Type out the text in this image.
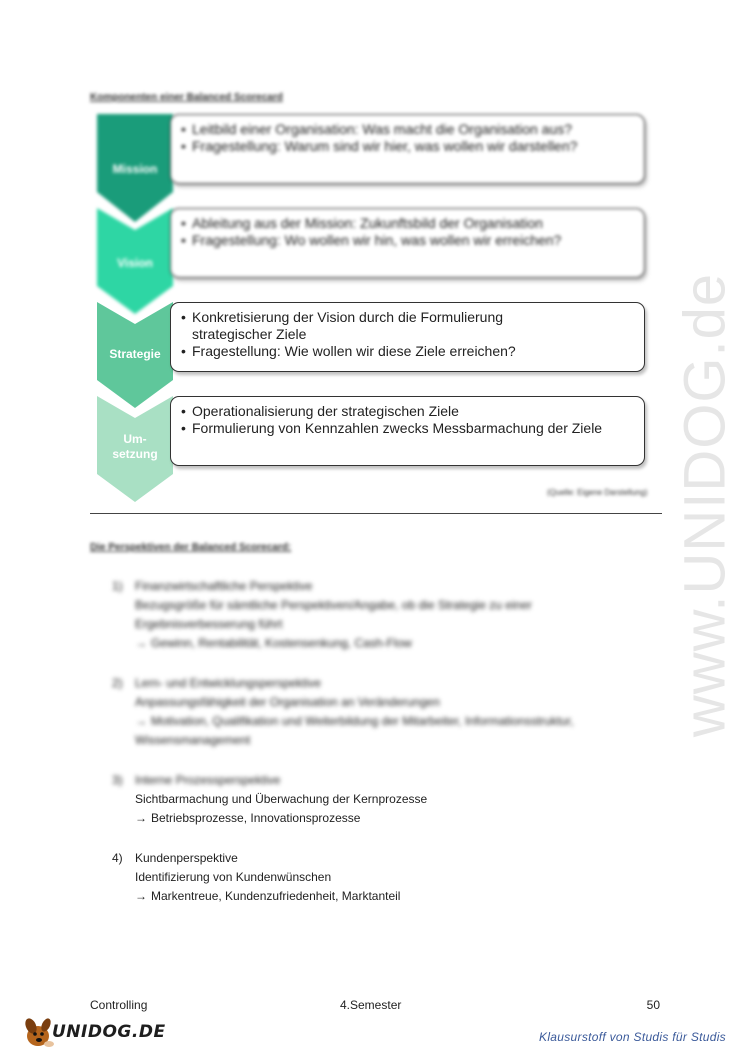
www.UNIDOG.de
Komponenten einer Balanced Scorecard
Mission
• Leitbild einer Organisation: Was macht die Organisation aus?
• Fragestellung: Warum sind wir hier, was wollen wir darstellen?
Vision
• Ableitung aus der Mission: Zukunftsbild der Organisation
• Fragestellung: Wo wollen wir hin, was wollen wir erreichen?
Strategie
• Konkretisierung der Vision durch die Formulierung strategischer Ziele
• Fragestellung: Wie wollen wir diese Ziele erreichen?
Um-
setzung
• Operationalisierung der strategischen Ziele
• Formulierung von Kennzahlen zwecks Messbarmachung der Ziele
(Quelle: Eigene Darstellung)
Die Perspektiven der Balanced Scorecard:
1) Finanzwirtschaftliche Perspektive
Bezugsgröße für sämtliche Perspektiven/Angabe, ob die Strategie zu einer
Ergebnisverbesserung führt
→ Gewinn, Rentabilität, Kostensenkung, Cash-Flow
2) Lern- und Entwicklungsperspektive
Anpassungsfähigkeit der Organisation an Veränderungen
→ Motivation, Qualifikation und Weiterbildung der Mitarbeiter, Informationsstruktur,
Wissensmanagement
3) Interne Prozessperspektive
Sichtbarmachung und Überwachung der Kernprozesse
→ Betriebsprozesse, Innovationsprozesse
4) Kundenperspektive
Identifizierung von Kundenwünschen
→ Markentreue, Kundenzufriedenheit, Marktanteil
Controlling	4.Semester	50
UNIDOG.DE	Klausurstoff von Studis für Studis
